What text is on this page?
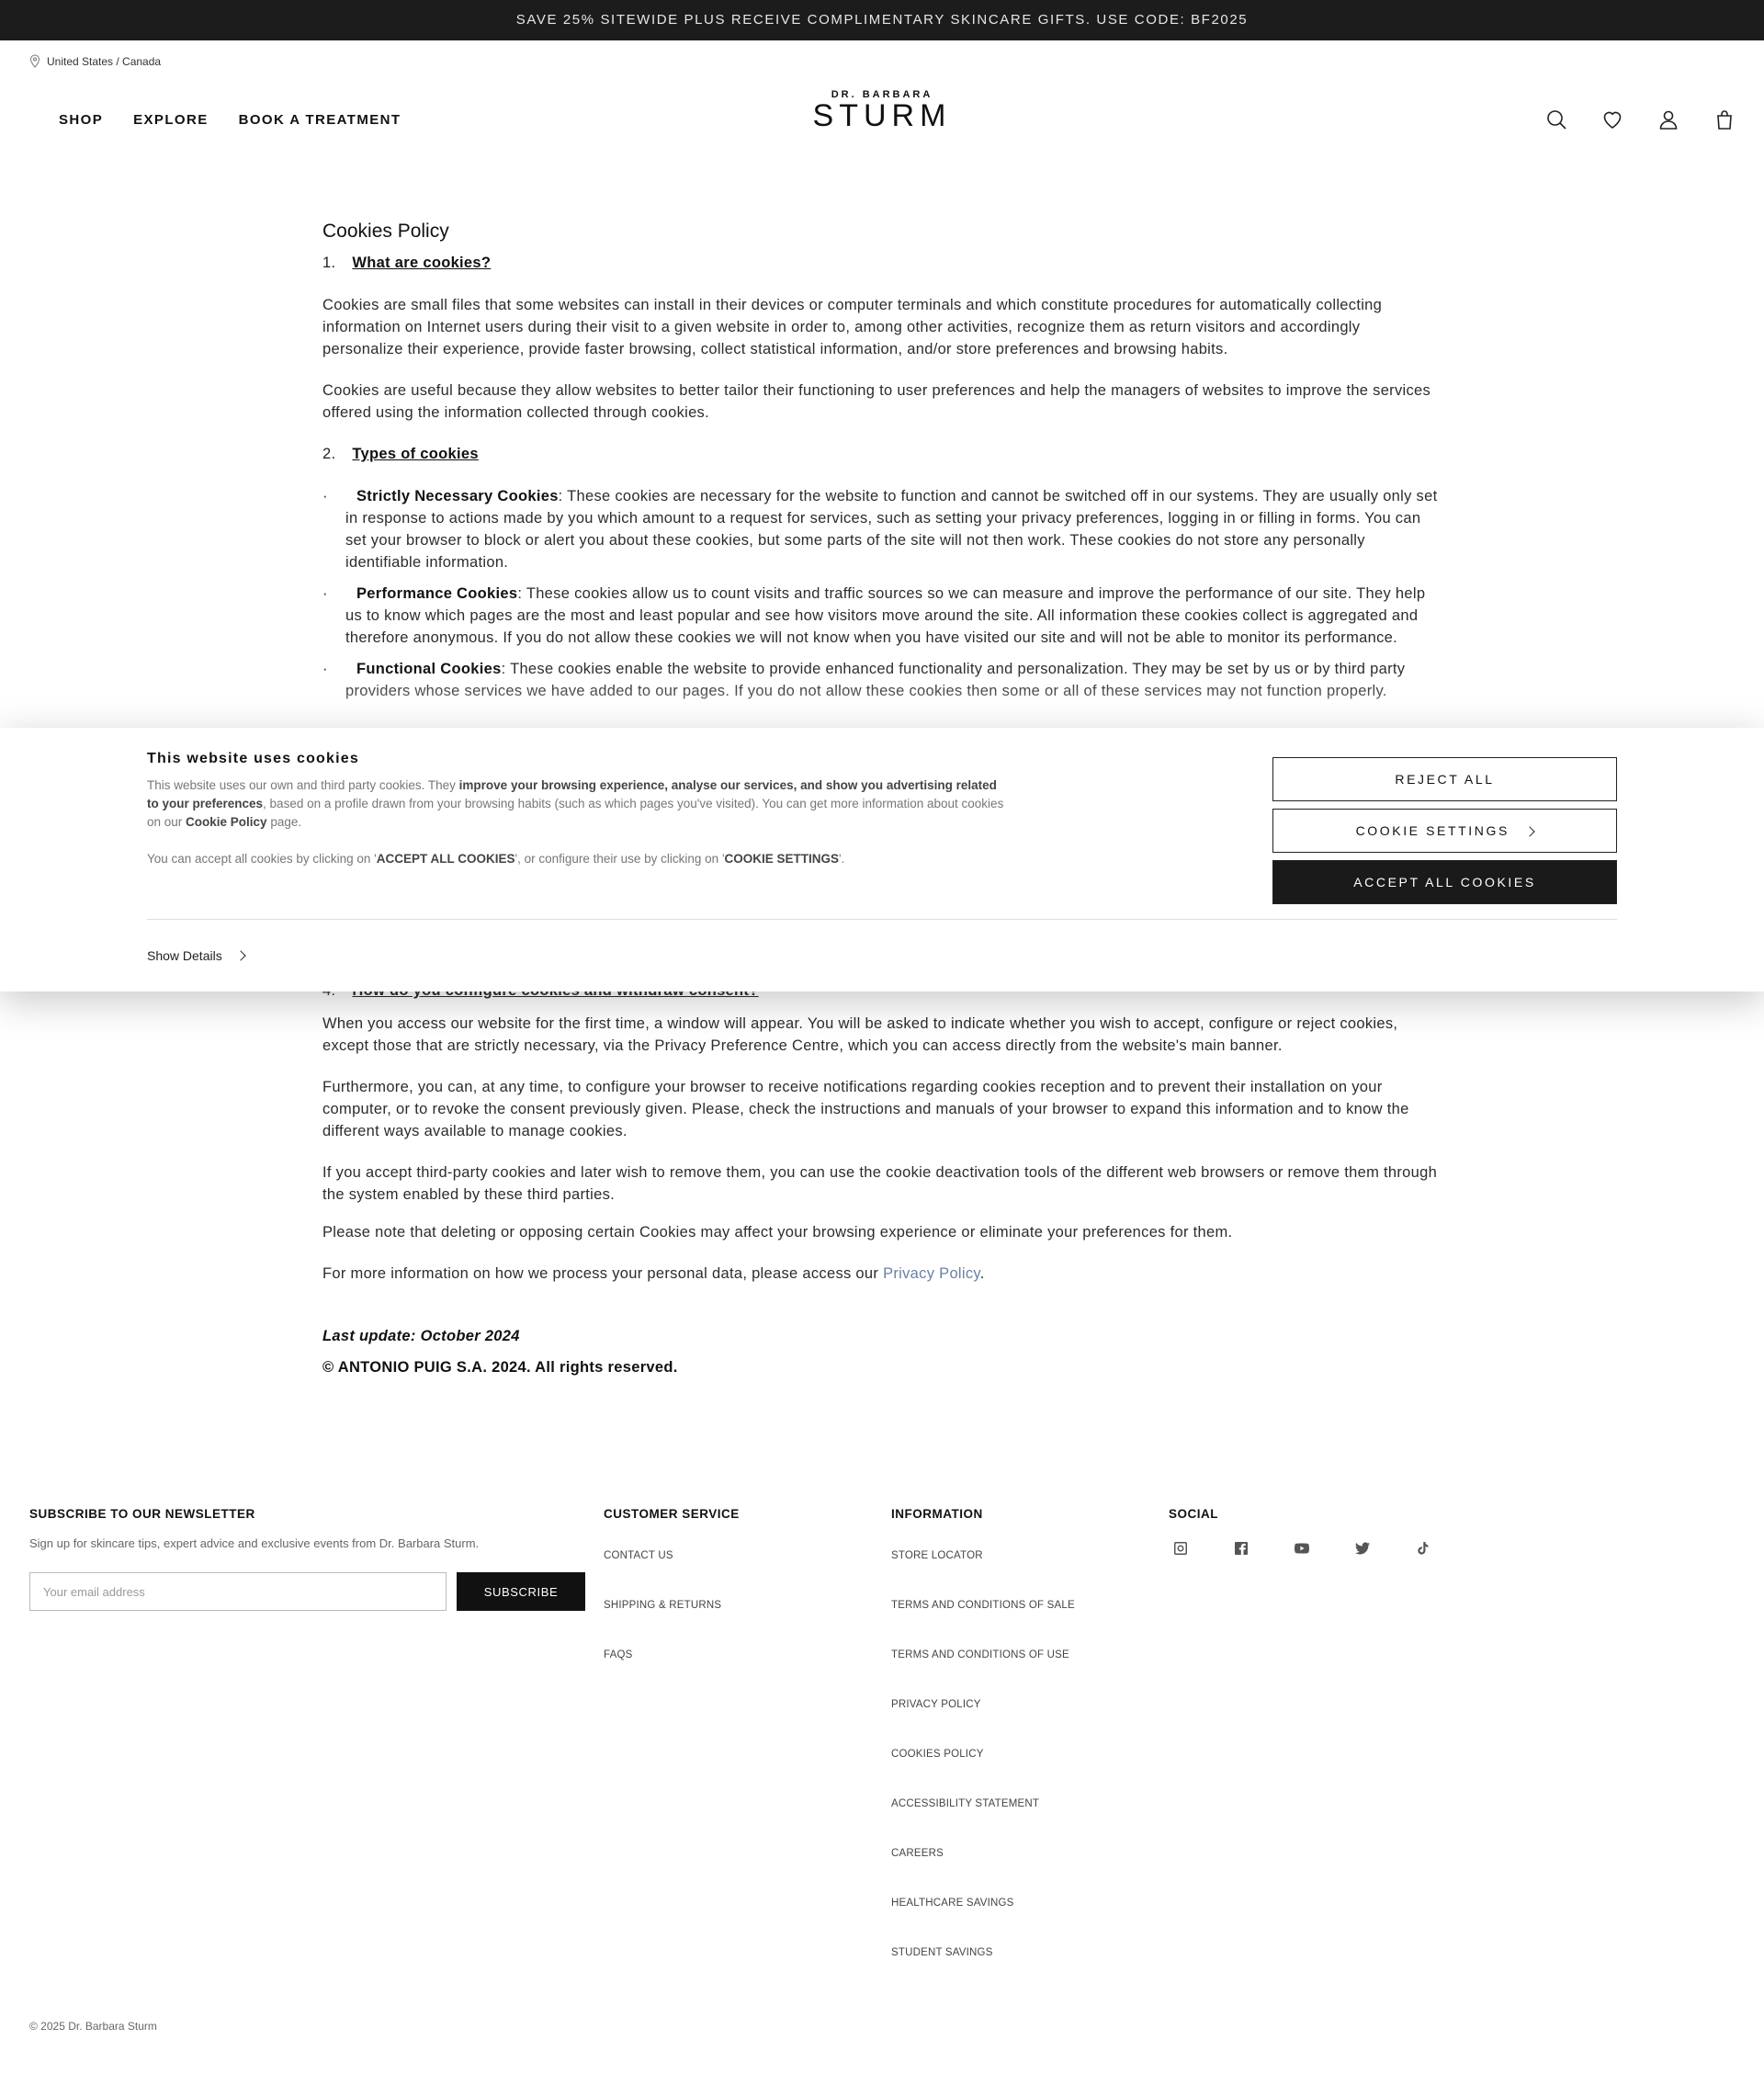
SAVE 25% SITEWIDE PLUS RECEIVE COMPLIMENTARY SKINCARE GIFTS. USE CODE: BF2025
United States / Canada
SHOP EXPLORE BOOK A TREATMENT
DR. BARBARA
STURM
Cookies Policy
1. What are cookies?

Cookies are small files that some websites can install in their devices or computer terminals and which constitute procedures for automatically collecting information on Internet users during their visit to a given website in order to, among other activities, recognize them as return visitors and accordingly personalize their experience, provide faster browsing, collect statistical information, and/or store preferences and browsing habits.

Cookies are useful because they allow websites to better tailor their functioning to user preferences and help the managers of websites to improve the services offered using the information collected through cookies.

2. Types of cookies
· Strictly Necessary Cookies: These cookies are necessary for the website to function and cannot be switched off in our systems. They are usually only set in response to actions made by you which amount to a request for services, such as setting your privacy preferences, logging in or filling in forms. You can set your browser to block or alert you about these cookies, but some parts of the site will not then work. These cookies do not store any personally identifiable information.
· Performance Cookies: These cookies allow us to count visits and traffic sources so we can measure and improve the performance of our site. They help us to know which pages are the most and least popular and see how visitors move around the site. All information these cookies collect is aggregated and therefore anonymous. If you do not allow these cookies we will not know when you have visited our site and will not be able to monitor its performance.
· Functional Cookies: These cookies enable the website to provide enhanced functionality and personalization. They may be set by us or by third party providers whose services we have added to our pages. If you do not allow these cookies then some or all of these services may not function properly.

When you access our website for the first time, a window will appear. You will be asked to indicate whether you wish to accept, configure or reject cookies, except those that are strictly necessary, via the Privacy Preference Centre, which you can access directly from the website's main banner.

Furthermore, you can, at any time, to configure your browser to receive notifications regarding cookies reception and to prevent their installation on your computer, or to revoke the consent previously given. Please, check the instructions and manuals of your browser to expand this information and to know the different ways available to manage cookies.

If you accept third-party cookies and later wish to remove them, you can use the cookie deactivation tools of the different web browsers or remove them through the system enabled by these third parties.

Please note that deleting or opposing certain Cookies may affect your browsing experience or eliminate your preferences for them.

For more information on how we process your personal data, please access our Privacy Policy.

Last update: October 2024

© ANTONIO PUIG S.A. 2024. All rights reserved.

This website uses cookies
This website uses our own and third party cookies. They improve your browsing experience, analyse our services, and show you advertising related to your preferences, based on a profile drawn from your browsing habits (such as which pages you've visited). You can get more information about cookies on our Cookie Policy page.
You can accept all cookies by clicking on 'ACCEPT ALL COOKIES', or configure their use by clicking on 'COOKIE SETTINGS'.
REJECT ALL
COOKIE SETTINGS
ACCEPT ALL COOKIES
Show Details
SUBSCRIBE TO OUR NEWSLETTER
Sign up for skincare tips, expert advice and exclusive events from Dr. Barbara Sturm.
Your email address	SUBSCRIBE
CUSTOMER SERVICE
CONTACT US
SHIPPING & RETURNS
FAQS
INFORMATION
STORE LOCATOR
TERMS AND CONDITIONS OF SALE
TERMS AND CONDITIONS OF USE
PRIVACY POLICY
COOKIES POLICY
ACCESSIBILITY STATEMENT
CAREERS
HEALTHCARE SAVINGS
STUDENT SAVINGS
SOCIAL
© 2025 Dr. Barbara Sturm
